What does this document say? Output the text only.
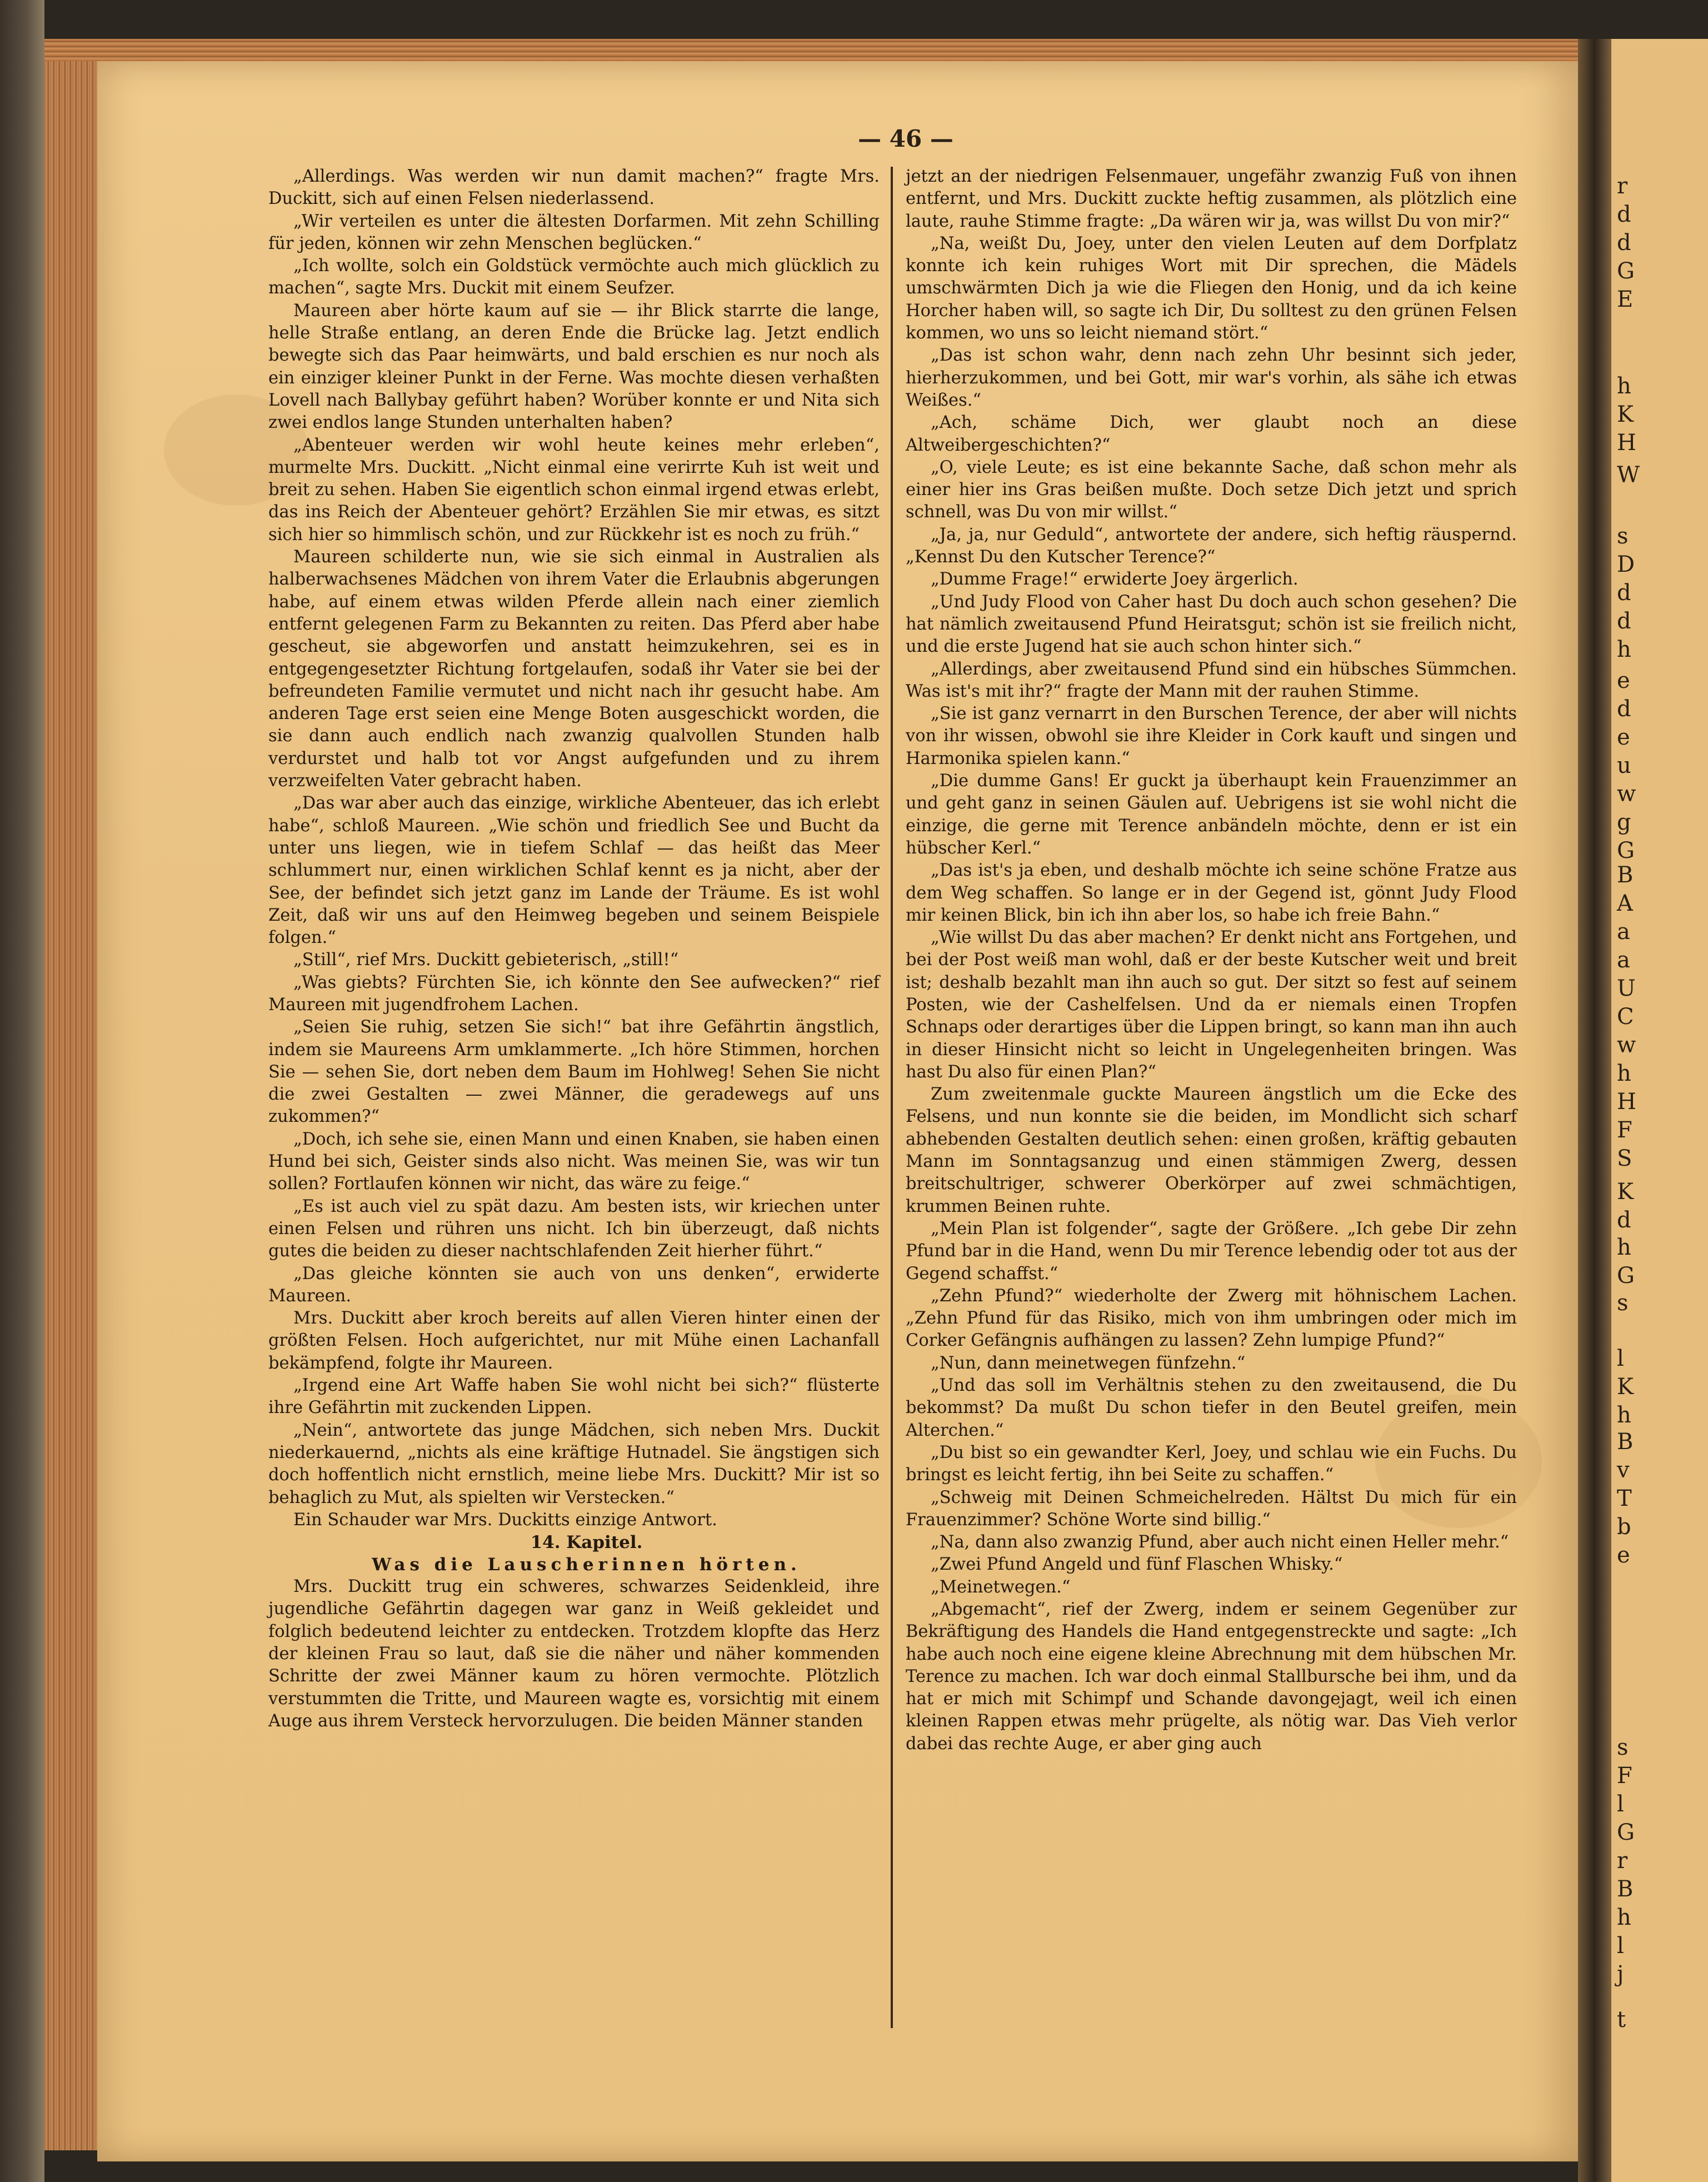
— 46 —

„Allerdings. Was werden wir nun damit machen?“ fragte Mrs. Duckitt, sich auf einen Felsen niederlassend.

„Wir verteilen es unter die ältesten Dorfarmen. Mit zehn Schilling für jeden, können wir zehn Menschen beglücken.“

„Ich wollte, solch ein Goldstück vermöchte auch mich glücklich zu machen“, sagte Mrs. Duckit mit einem Seufzer.

Maureen aber hörte kaum auf sie — ihr Blick starrte die lange, helle Straße entlang, an deren Ende die Brücke lag. Jetzt endlich bewegte sich das Paar heimwärts, und bald erschien es nur noch als ein einziger kleiner Punkt in der Ferne. Was mochte diesen verhaßten Lovell nach Ballybay geführt haben? Worüber konnte er und Nita sich zwei endlos lange Stunden unterhalten haben?

„Abenteuer werden wir wohl heute keines mehr erleben“, murmelte Mrs. Duckitt. „Nicht einmal eine verirrte Kuh ist weit und breit zu sehen. Haben Sie eigentlich schon einmal irgend etwas erlebt, das ins Reich der Abenteuer gehört? Erzählen Sie mir etwas, es sitzt sich hier so himmlisch schön, und zur Rückkehr ist es noch zu früh.“

Maureen schilderte nun, wie sie sich einmal in Australien als halberwachsenes Mädchen von ihrem Vater die Erlaubnis abgerungen habe, auf einem etwas wilden Pferde allein nach einer ziemlich entfernt gelegenen Farm zu Bekannten zu reiten. Das Pferd aber habe gescheut, sie abgeworfen und anstatt heimzukehren, sei es in entgegengesetzter Richtung fortgelaufen, sodaß ihr Vater sie bei der befreundeten Familie vermutet und nicht nach ihr gesucht habe. Am anderen Tage erst seien eine Menge Boten ausgeschickt worden, die sie dann auch endlich nach zwanzig qualvollen Stunden halb verdurstet und halb tot vor Angst aufgefunden und zu ihrem verzweifelten Vater gebracht haben.

„Das war aber auch das einzige, wirkliche Abenteuer, das ich erlebt habe“, schloß Maureen. „Wie schön und friedlich See und Bucht da unter uns liegen, wie in tiefem Schlaf — das heißt das Meer schlummert nur, einen wirklichen Schlaf kennt es ja nicht, aber der See, der befindet sich jetzt ganz im Lande der Träume. Es ist wohl Zeit, daß wir uns auf den Heimweg begeben und seinem Beispiele folgen.“

„Still“, rief Mrs. Duckitt gebieterisch, „still!“

„Was giebts? Fürchten Sie, ich könnte den See aufwecken?“ rief Maureen mit jugendfrohem Lachen.

„Seien Sie ruhig, setzen Sie sich!“ bat ihre Gefährtin ängstlich, indem sie Maureens Arm umklammerte. „Ich höre Stimmen, horchen Sie — sehen Sie, dort neben dem Baum im Hohlweg! Sehen Sie nicht die zwei Gestalten — zwei Männer, die geradewegs auf uns zukommen?“

„Doch, ich sehe sie, einen Mann und einen Knaben, sie haben einen Hund bei sich, Geister sinds also nicht. Was meinen Sie, was wir tun sollen? Fortlaufen können wir nicht, das wäre zu feige.“

„Es ist auch viel zu spät dazu. Am besten ists, wir kriechen unter einen Felsen und rühren uns nicht. Ich bin überzeugt, daß nichts gutes die beiden zu dieser nachtschlafenden Zeit hierher führt.“

„Das gleiche könnten sie auch von uns denken“, erwiderte Maureen.

Mrs. Duckitt aber kroch bereits auf allen Vieren hinter einen der größten Felsen. Hoch aufgerichtet, nur mit Mühe einen Lachanfall bekämpfend, folgte ihr Maureen.

„Irgend eine Art Waffe haben Sie wohl nicht bei sich?“ flüsterte ihre Gefährtin mit zuckenden Lippen.

„Nein“, antwortete das junge Mädchen, sich neben Mrs. Duckit niederkauernd, „nichts als eine kräftige Hutnadel. Sie ängstigen sich doch hoffentlich nicht ernstlich, meine liebe Mrs. Duckitt? Mir ist so behaglich zu Mut, als spielten wir Verstecken.“

Ein Schauder war Mrs. Duckitts einzige Antwort.

14. Kapitel.

Was die Lauscherinnen hörten.

Mrs. Duckitt trug ein schweres, schwarzes Seidenkleid, ihre jugendliche Gefährtin dagegen war ganz in Weiß gekleidet und folglich bedeutend leichter zu entdecken. Trotzdem klopfte das Herz der kleinen Frau so laut, daß sie die näher und näher kommenden Schritte der zwei Männer kaum zu hören vermochte. Plötzlich verstummten die Tritte, und Maureen wagte es, vorsichtig mit einem Auge aus ihrem Versteck hervorzulugen. Die beiden Männer standen

jetzt an der niedrigen Felsenmauer, ungefähr zwanzig Fuß von ihnen entfernt, und Mrs. Duckitt zuckte heftig zusammen, als plötzlich eine laute, rauhe Stimme fragte: „Da wären wir ja, was willst Du von mir?“

„Na, weißt Du, Joey, unter den vielen Leuten auf dem Dorfplatz konnte ich kein ruhiges Wort mit Dir sprechen, die Mädels umschwärmten Dich ja wie die Fliegen den Honig, und da ich keine Horcher haben will, so sagte ich Dir, Du solltest zu den grünen Felsen kommen, wo uns so leicht niemand stört.“

„Das ist schon wahr, denn nach zehn Uhr besinnt sich jeder, hierherzukommen, und bei Gott, mir war's vorhin, als sähe ich etwas Weißes.“

„Ach, schäme Dich, wer glaubt noch an diese Altweibergeschichten?“

„O, viele Leute; es ist eine bekannte Sache, daß schon mehr als einer hier ins Gras beißen mußte. Doch setze Dich jetzt und sprich schnell, was Du von mir willst.“

„Ja, ja, nur Geduld“, antwortete der andere, sich heftig räuspernd. „Kennst Du den Kutscher Terence?“

„Dumme Frage!“ erwiderte Joey ärgerlich.

„Und Judy Flood von Caher hast Du doch auch schon gesehen? Die hat nämlich zweitausend Pfund Heiratsgut; schön ist sie freilich nicht, und die erste Jugend hat sie auch schon hinter sich.“

„Allerdings, aber zweitausend Pfund sind ein hübsches Sümmchen. Was ist's mit ihr?“ fragte der Mann mit der rauhen Stimme.

„Sie ist ganz vernarrt in den Burschen Terence, der aber will nichts von ihr wissen, obwohl sie ihre Kleider in Cork kauft und singen und Harmonika spielen kann.“

„Die dumme Gans! Er guckt ja überhaupt kein Frauenzimmer an und geht ganz in seinen Gäulen auf. Uebrigens ist sie wohl nicht die einzige, die gerne mit Terence anbändeln möchte, denn er ist ein hübscher Kerl.“

„Das ist's ja eben, und deshalb möchte ich seine schöne Fratze aus dem Weg schaffen. So lange er in der Gegend ist, gönnt Judy Flood mir keinen Blick, bin ich ihn aber los, so habe ich freie Bahn.“

„Wie willst Du das aber machen? Er denkt nicht ans Fortgehen, und bei der Post weiß man wohl, daß er der beste Kutscher weit und breit ist; deshalb bezahlt man ihn auch so gut. Der sitzt so fest auf seinem Posten, wie der Cashelfelsen. Und da er niemals einen Tropfen Schnaps oder derartiges über die Lippen bringt, so kann man ihn auch in dieser Hinsicht nicht so leicht in Ungelegenheiten bringen. Was hast Du also für einen Plan?“

Zum zweitenmale guckte Maureen ängstlich um die Ecke des Felsens, und nun konnte sie die beiden, im Mondlicht sich scharf abhebenden Gestalten deutlich sehen: einen großen, kräftig gebauten Mann im Sonntagsanzug und einen stämmigen Zwerg, dessen breitschultriger, schwerer Oberkörper auf zwei schmächtigen, krummen Beinen ruhte.

„Mein Plan ist folgender“, sagte der Größere. „Ich gebe Dir zehn Pfund bar in die Hand, wenn Du mir Terence lebendig oder tot aus der Gegend schaffst.“

„Zehn Pfund?“ wiederholte der Zwerg mit höhnischem Lachen. „Zehn Pfund für das Risiko, mich von ihm umbringen oder mich im Corker Gefängnis aufhängen zu lassen? Zehn lumpige Pfund?“

„Nun, dann meinetwegen fünfzehn.“

„Und das soll im Verhältnis stehen zu den zweitausend, die Du bekommst? Da mußt Du schon tiefer in den Beutel greifen, mein Alterchen.“

„Du bist so ein gewandter Kerl, Joey, und schlau wie ein Fuchs. Du bringst es leicht fertig, ihn bei Seite zu schaffen.“

„Schweig mit Deinen Schmeichelreden. Hältst Du mich für ein Frauenzimmer? Schöne Worte sind billig.“

„Na, dann also zwanzig Pfund, aber auch nicht einen Heller mehr.“

„Zwei Pfund Angeld und fünf Flaschen Whisky.“

„Meinetwegen.“

„Abgemacht“, rief der Zwerg, indem er seinem Gegenüber zur Bekräftigung des Handels die Hand entgegenstreckte und sagte: „Ich habe auch noch eine eigene kleine Abrechnung mit dem hübschen Mr. Terence zu machen. Ich war doch einmal Stallbursche bei ihm, und da hat er mich mit Schimpf und Schande davongejagt, weil ich einen kleinen Rappen etwas mehr prügelte, als nötig war. Das Vieh verlor dabei das rechte Auge, er aber ging auch

r
d
d
G
E
h
K
H
W
s
D
d
d
h
e
d
e
u
w
g
G
B
A
a
a
U
C
w
h
H
F
S
K
d
h
G
s
l
K
h
B
v
T
b
e
s
F
l
G
r
B
h
l
j
t
